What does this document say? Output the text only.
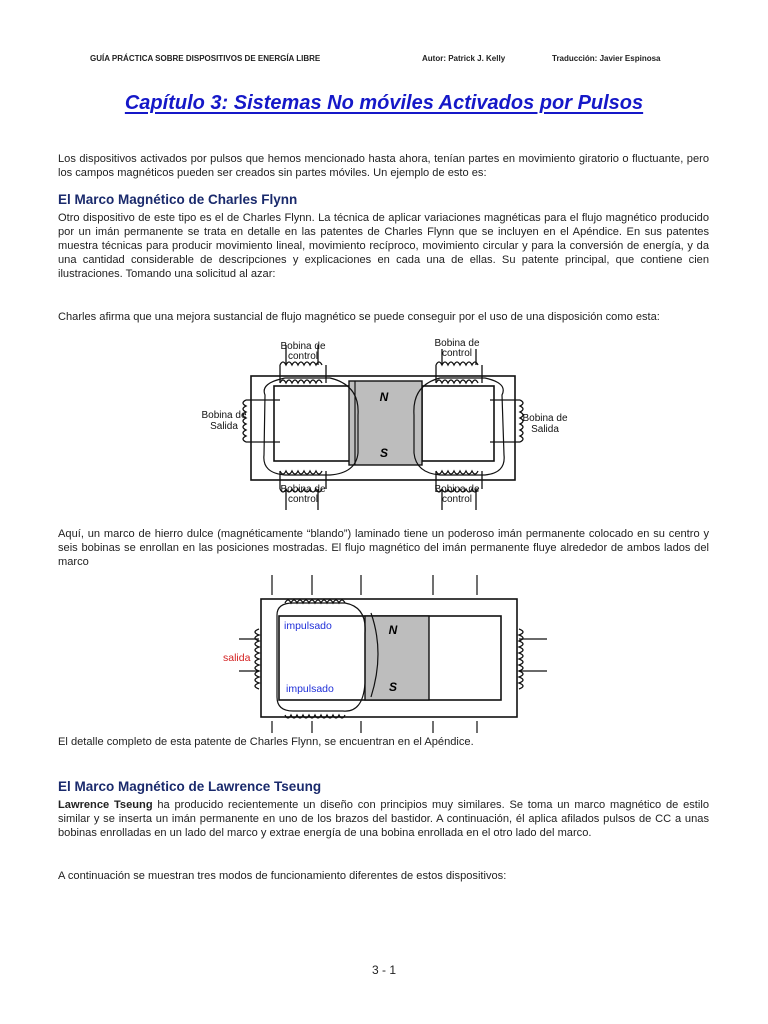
GUÍA PRÁCTICA SOBRE DISPOSITIVOS DE ENERGÍA LIBRE	Autor: Patrick J. Kelly	Traducción: Javier Espinosa
Capítulo 3: Sistemas No móviles Activados por Pulsos

Los dispositivos activados por pulsos que hemos mencionado hasta ahora, tenían partes en movimiento giratorio o fluctuante, pero los campos magnéticos pueden ser creados sin partes móviles. Un ejemplo de esto es:

El Marco Magnético de Charles Flynn

Otro dispositivo de este tipo es el de Charles Flynn. La técnica de aplicar variaciones magnéticas para el flujo magnético producido por un imán permanente se trata en detalle en las patentes de Charles Flynn que se incluyen en el Apéndice. En sus patentes muestra técnicas para producir movimiento lineal, movimiento recíproco, movimiento circular y para la conversión de energía, y da una cantidad considerable de descripciones y explicaciones en cada una de ellas. Su patente principal, que contiene cien ilustraciones. Tomando una solicitud al azar:

Charles afirma que una mejora sustancial de flujo magnético se puede conseguir por el uso de una disposición como esta:

N
S
Bobina de
control
Bobina de
control
Bobina de
control
Bobina de
control
Bobina de
Salida
Bobina de
Salida

Aquí, un marco de hierro dulce (magnéticamente “blando”) laminado tiene un poderoso imán permanente colocado en su centro y seis bobinas se enrollan en las posiciones mostradas. El flujo magnético del imán permanente fluye alrededor de ambos lados del marco

N
S
impulsado
impulsado
salida

El detalle completo de esta patente de Charles Flynn, se encuentran en el Apéndice.

El Marco Magnético de Lawrence Tseung

Lawrence Tseung ha producido recientemente un diseño con principios muy similares. Se toma un marco magnético de estilo similar y se inserta un imán permanente en uno de los brazos del bastidor. A continuación, él aplica afilados pulsos de CC a unas bobinas enrolladas en un lado del marco y extrae energía de una bobina enrollada en el otro lado del marco.

A continuación se muestran tres modos de funcionamiento diferentes de estos dispositivos:

3 - 1
